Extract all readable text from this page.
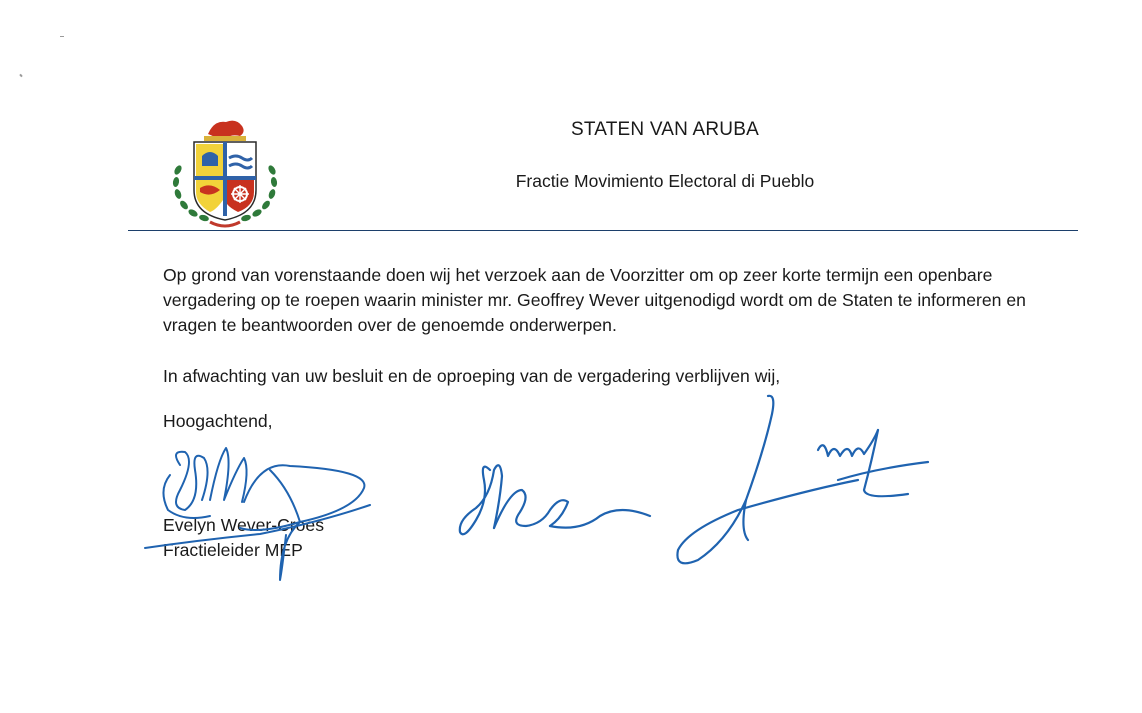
STATEN VAN ARUBA
Fractie Movimiento Electoral di Pueblo

Op grond van vorenstaande doen wij het verzoek aan de Voorzitter om op zeer korte termijn een openbare vergadering op te roepen waarin minister mr. Geoffrey Wever uitgenodigd wordt om de Staten te informeren en vragen te beantwoorden over de genoemde onderwerpen.

In afwachting van uw besluit en de oproeping van de vergadering verblijven wij,

Hoogachtend,
Evelyn Wever-Croes
Fractieleider MEP
